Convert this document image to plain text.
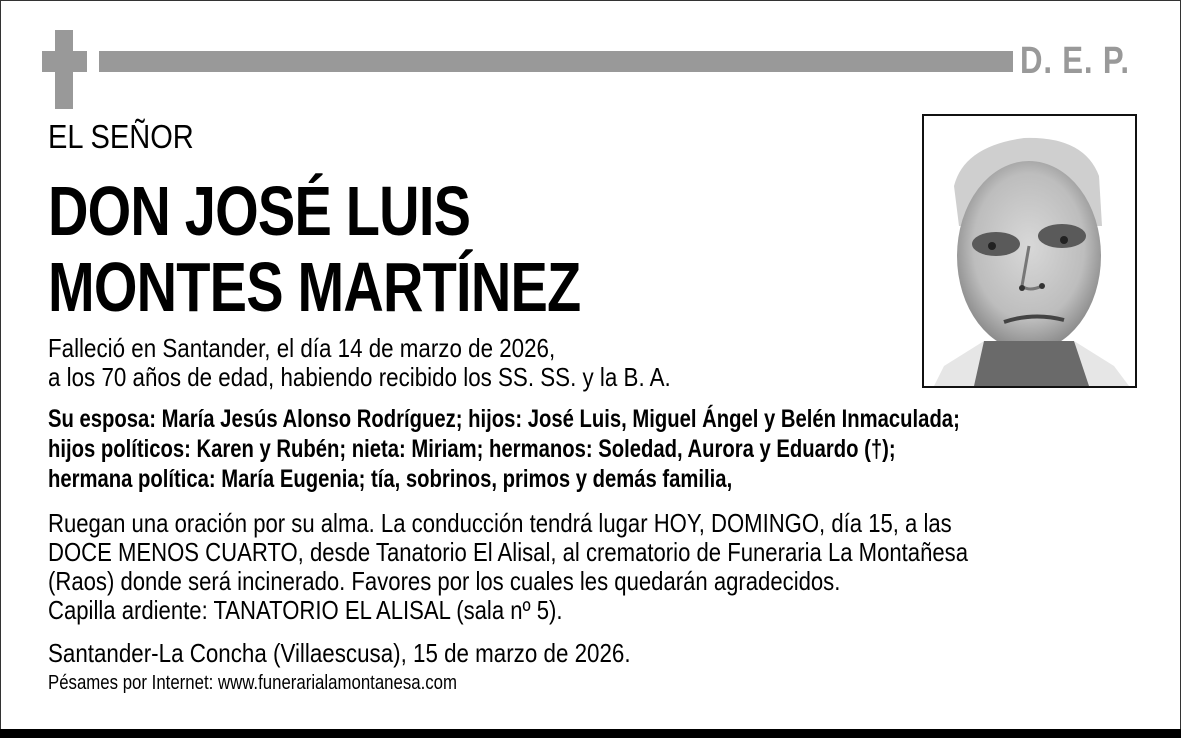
D. E. P.
EL SEÑOR
DON JOSÉ LUIS
MONTES MARTÍNEZ
Falleció en Santander, el día 14 de marzo de 2026,
a los 70 años de edad, habiendo recibido los SS. SS. y la B. A.
Su esposa: María Jesús Alonso Rodríguez; hijos: José Luis, Miguel Ángel y Belén Inmaculada;
hijos políticos: Karen y Rubén; nieta: Miriam; hermanos: Soledad, Aurora y Eduardo (†);
hermana política: María Eugenia; tía, sobrinos, primos y demás familia,
Ruegan una oración por su alma. La conducción tendrá lugar HOY, DOMINGO, día 15, a las
DOCE MENOS CUARTO, desde Tanatorio El Alisal, al crematorio de Funeraria La Montañesa
(Raos) donde será incinerado. Favores por los cuales les quedarán agradecidos.
Capilla ardiente: TANATORIO EL ALISAL (sala nº 5).
Santander-La Concha (Villaescusa), 15 de marzo de 2026.
Pésames por Internet: www.funerarialamontanesa.com
